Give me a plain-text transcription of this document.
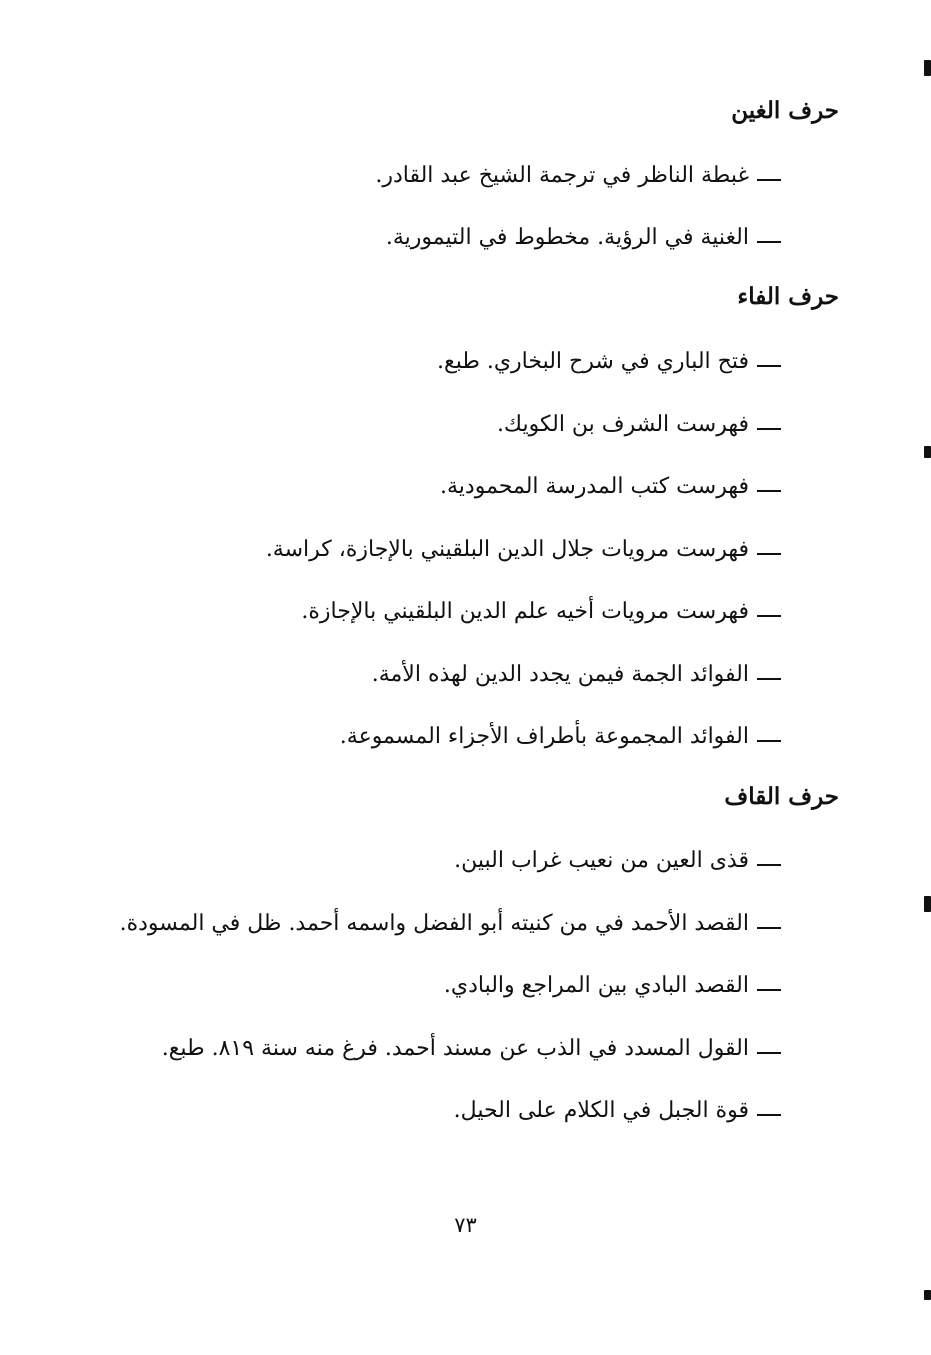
حرف الغين
غبطة الناظر في ترجمة الشيخ عبد القادر.
الغنية في الرؤية. مخطوط في التيمورية.
حرف الفاء
فتح الباري في شرح البخاري. طبع.
فهرست الشرف بن الكويك.
فهرست كتب المدرسة المحمودية.
فهرست مرويات جلال الدين البلقيني بالإجازة، كراسة.
فهرست مرويات أخيه علم الدين البلقيني بالإجازة.
الفوائد الجمة فيمن يجدد الدين لهذه الأمة.
الفوائد المجموعة بأطراف الأجزاء المسموعة.
حرف القاف
قذى العين من نعيب غراب البين.
القصد الأحمد في من كنيته أبو الفضل واسمه أحمد. ظل في المسودة.
القصد البادي بين المراجع والبادي.
القول المسدد في الذب عن مسند أحمد. فرغ منه سنة ٨١٩. طبع.
قوة الجبل في الكلام على الحيل.
٧٣
